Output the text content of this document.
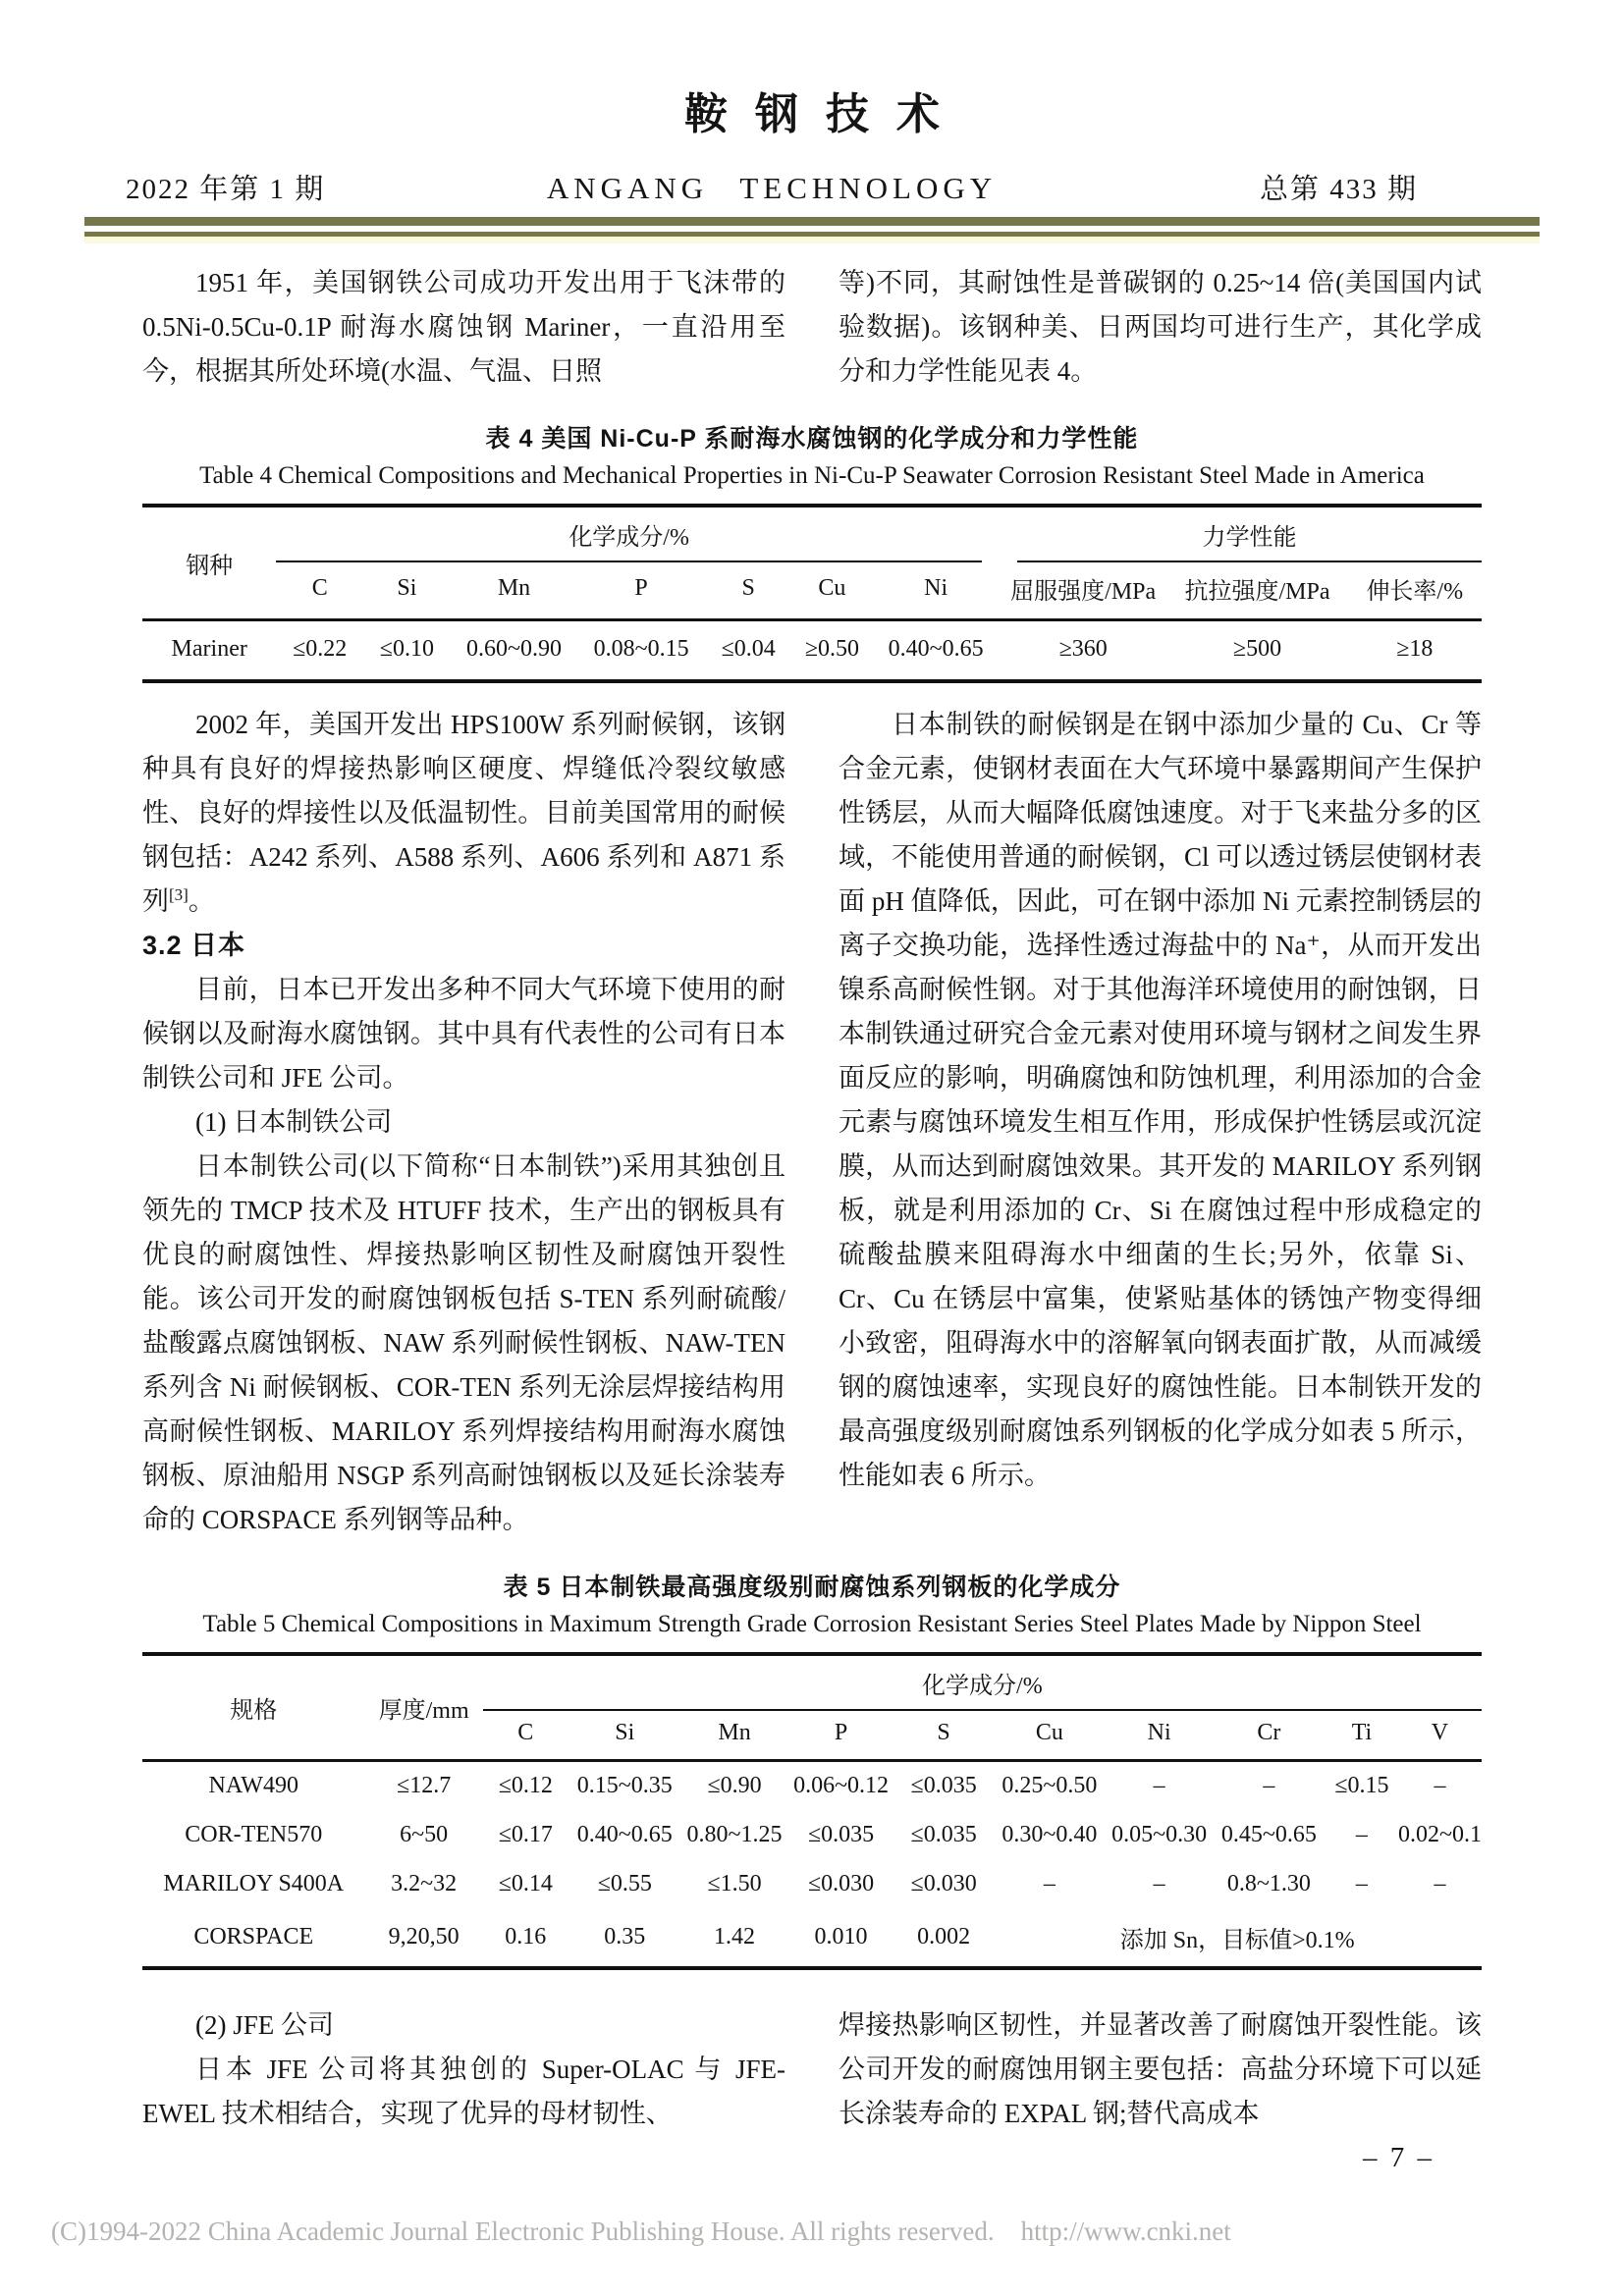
鞍钢技术
2022 年第 1 期	ANGANG TECHNOLOGY	总第 433 期

1951 年，美国钢铁公司成功开发出用于飞沫带的 0.5Ni-0.5Cu-0.1P 耐海水腐蚀钢 Mariner，一直沿用至今，根据其所处环境(水温、气温、日照

等)不同，其耐蚀性是普碳钢的 0.25~14 倍(美国国内试验数据)。该钢种美、日两国均可进行生产，其化学成分和力学性能见表 4。

表 4 美国 Ni-Cu-P 系耐海水腐蚀钢的化学成分和力学性能
Table 4 Chemical Compositions and Mechanical Properties in Ni-Cu-P Seawater Corrosion Resistant Steel Made in America
钢种	化学成分/%							力学性能		

	C	Si	Mn	P	S	Cu	Ni	屈服强度/MPa	抗拉强度/MPa	伸长率/%
Mariner	≤0.22	≤0.10	0.60~0.90	0.08~0.15	≤0.04	≥0.50	0.40~0.65	≥360	≥500	≥18

2002 年，美国开发出 HPS100W 系列耐候钢，该钢种具有良好的焊接热影响区硬度、焊缝低冷裂纹敏感性、良好的焊接性以及低温韧性。目前美国常用的耐候钢包括：A242 系列、A588 系列、A606 系列和 A871 系列[3]。

3.2 日本

目前，日本已开发出多种不同大气环境下使用的耐候钢以及耐海水腐蚀钢。其中具有代表性的公司有日本制铁公司和 JFE 公司。

(1) 日本制铁公司

日本制铁公司(以下简称“日本制铁”)采用其独创且领先的 TMCP 技术及 HTUFF 技术，生产出的钢板具有优良的耐腐蚀性、焊接热影响区韧性及耐腐蚀开裂性能。该公司开发的耐腐蚀钢板包括 S-TEN 系列耐硫酸/盐酸露点腐蚀钢板、NAW 系列耐候性钢板、NAW-TEN 系列含 Ni 耐候钢板、COR-TEN 系列无涂层焊接结构用高耐候性钢板、MARILOY 系列焊接结构用耐海水腐蚀钢板、原油船用 NSGP 系列高耐蚀钢板以及延长涂装寿命的 CORSPACE 系列钢等品种。

日本制铁的耐候钢是在钢中添加少量的 Cu、Cr 等合金元素，使钢材表面在大气环境中暴露期间产生保护性锈层，从而大幅降低腐蚀速度。对于飞来盐分多的区域，不能使用普通的耐候钢，Cl 可以透过锈层使钢材表面 pH 值降低，因此，可在钢中添加 Ni 元素控制锈层的离子交换功能，选择性透过海盐中的 Na⁺，从而开发出镍系高耐候性钢。对于其他海洋环境使用的耐蚀钢，日本制铁通过研究合金元素对使用环境与钢材之间发生界面反应的影响，明确腐蚀和防蚀机理，利用添加的合金元素与腐蚀环境发生相互作用，形成保护性锈层或沉淀膜，从而达到耐腐蚀效果。其开发的 MARILOY 系列钢板，就是利用添加的 Cr、Si 在腐蚀过程中形成稳定的硫酸盐膜来阻碍海水中细菌的生长;另外，依靠 Si、Cr、Cu 在锈层中富集，使紧贴基体的锈蚀产物变得细小致密，阻碍海水中的溶解氧向钢表面扩散，从而减缓钢的腐蚀速率，实现良好的腐蚀性能。日本制铁开发的最高强度级别耐腐蚀系列钢板的化学成分如表 5 所示，性能如表 6 所示。

表 5 日本制铁最高强度级别耐腐蚀系列钢板的化学成分
Table 5 Chemical Compositions in Maximum Strength Grade Corrosion Resistant Series Steel Plates Made by Nippon Steel
规格	厚度/mm	化学成分/%									

		C	Si	Mn	P	S	Cu	Ni	Cr	Ti	V
NAW490	≤12.7	≤0.12	0.15~0.35	≤0.90	0.06~0.12	≤0.035	0.25~0.50	–	–	≤0.15	–
COR-TEN570	6~50	≤0.17	0.40~0.65	0.80~1.25	≤0.035	≤0.035	0.30~0.40	0.05~0.30	0.45~0.65	–	0.02~0.1
MARILOY S400A	3.2~32	≤0.14	≤0.55	≤1.50	≤0.030	≤0.030	–	–	0.8~1.30	–	–
CORSPACE	9,20,50	0.16	0.35	1.42	0.010	0.002	添加 Sn，目标值>0.1%				

(2) JFE 公司

日本 JFE 公司将其独创的 Super-OLAC 与 JFE-EWEL 技术相结合，实现了优异的母材韧性、

焊接热影响区韧性，并显著改善了耐腐蚀开裂性能。该公司开发的耐腐蚀用钢主要包括：高盐分环境下可以延长涂装寿命的 EXPAL 钢;替代高成本

– 7 –
(C)1994-2022 China Academic Journal Electronic Publishing House. All rights reserved.    http://www.cnki.net
